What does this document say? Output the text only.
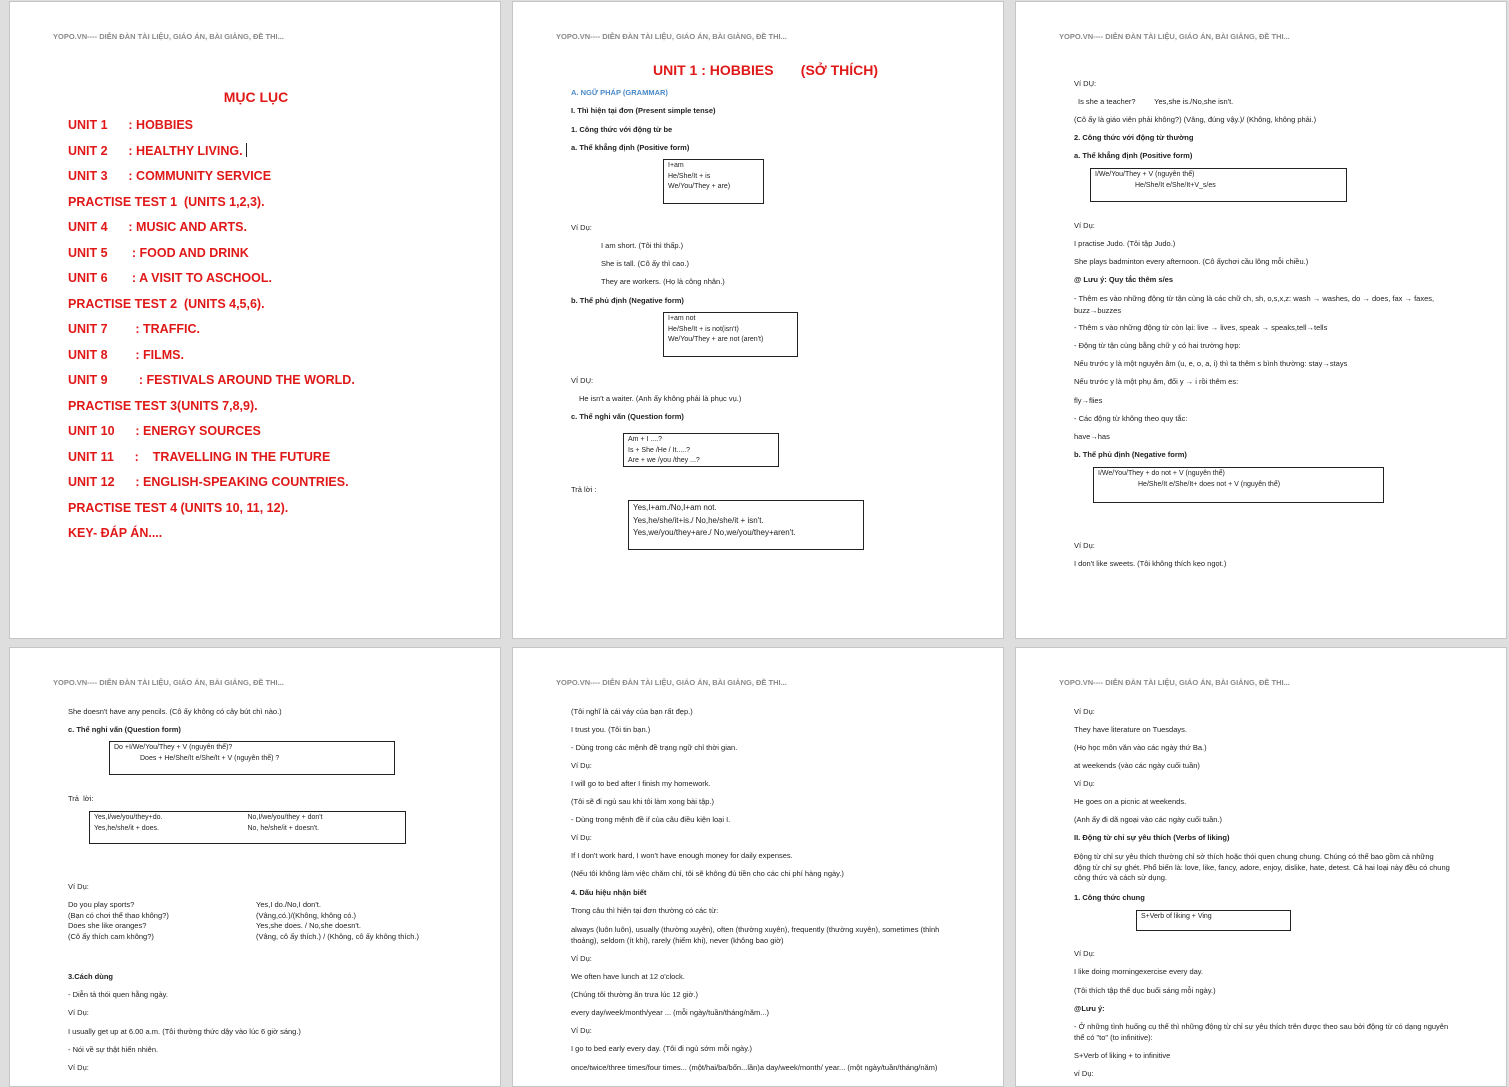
YOPO.VN---- DIỄN ĐÀN TÀI LIỆU, GIÁO ÁN, BÀI GIẢNG, ĐỀ THI...
MỤC LỤC
UNIT 1      : HOBBIES
UNIT 2      : HEALTHY LIVING.
UNIT 3      : COMMUNITY SERVICE
PRACTISE TEST 1  (UNITS 1,2,3).
UNIT 4      : MUSIC AND ARTS.
UNIT 5       : FOOD AND DRINK
UNIT 6       : A VISIT TO ASCHOOL.
PRACTISE TEST 2  (UNITS 4,5,6).
UNIT 7        : TRAFFIC.
UNIT 8        : FILMS.
UNIT 9         : FESTIVALS AROUND THE WORLD.
PRACTISE TEST 3(UNITS 7,8,9).
UNIT 10      : ENERGY SOURCES
UNIT 11      :    TRAVELLING IN THE FUTURE
UNIT 12      : ENGLISH-SPEAKING COUNTRIES.
PRACTISE TEST 4 (UNITS 10, 11, 12).
KEY- ĐÁP ÁN....
YOPO.VN---- DIỄN ĐÀN TÀI LIỆU, GIÁO ÁN, BÀI GIẢNG, ĐỀ THI...
UNIT 1 : HOBBIES       (SỞ THÍCH)
A. NGỮ PHÁP (GRAMMAR)
I. Thì hiện tại đơn (Present simple tense)
1. Công thức với động từ be
a. Thể khẳng định (Positive form)
I+am
He/She/It + is
We/You/They + are)
Ví Dụ:
I am short. (Tôi thì thấp.)
She is tall. (Cô ấy thì cao.)
They are workers. (Họ là công nhân.)
b. Thể phủ định (Negative form)
I+am not
He/She/It + is not(isn't)
We/You/They + are not (aren't)
VÍ DỤ:
He isn't a waiter. (Anh ấy không phải là phục vụ.)
c. Thể nghi vấn (Question form)
Am + I ....?
Is + She /He / It.....?
Are + we /you /they ...?
Trả lời :
Yes,I+am./No,I+am not.
Yes,he/she/it+is./ No,he/she/it + isn't.
Yes,we/you/they+are./ No,we/you/they+aren't.
YOPO.VN---- DIỄN ĐÀN TÀI LIỆU, GIÁO ÁN, BÀI GIẢNG, ĐỀ THI...
Ví DỤ:
Is she a teacher?         Yes,she is./No,she isn't.
(Cô ấy là giáo viên phải không?) (Vâng, đúng vậy.)/ (Không, không phải.)
2. Công thức với động từ thường
a. Thể khẳng định (Positive form)
I/We/You/They + V (nguyên thể)
He/She/It e/She/It+V_s/es
Ví Dụ:
I practise Judo. (Tôi tập Judo.)
She plays badminton every afternoon. (Cô ấychơi cầu lông mỗi chiều.)
@ Lưu ý: Quy tắc thêm s/es
- Thêm es vào những động từ tận cùng là các chữ ch, sh, o,s,x,z: wash → washes, do → does, fax → faxes, buzz→buzzes
- Thêm s vào những động từ còn lại: live → lives, speak → speaks,tell→tells
- Động từ tận cùng bằng chữ y có hai trường hợp:
Nếu trước y là một nguyên âm (u, e, o, a, i) thì ta thêm s bình thường: stay→stays
Nếu trước y là một phụ âm, đổi y → i rồi thêm es:
fly→flies
- Các động từ không theo quy tắc:
have→has
b. Thể phủ định (Negative form)
I/We/You/They + do not + V (nguyên thể)
He/She/It e/She/It+ does not + V (nguyên thể)
Ví Dụ:
I don't like sweets. (Tôi không thích kẹo ngọt.)
YOPO.VN---- DIỄN ĐÀN TÀI LIỆU, GIÁO ÁN, BÀI GIẢNG, ĐỀ THI...
She doesn't have any pencils. (Cô ấy không có cây bút chì nào.)
c. Thể nghi vấn (Question form)
Do +I/We/You/They + V (nguyên thể)?
Does + He/She/It e/She/It + V (nguyên thể) ?
Trả  lời:
Yes,I/we/you/they+do.
Yes,he/she/it + does.
No,I/we/you/they + don't
No, he/she/it + doesn't.
Ví Dụ:
Do you play sports?
(Bạn có chơi thể thao không?)
Does she like oranges?
(Cô ấy thích cam không?)
Yes,I do./No,I don't.
(Vâng,có.)/(Không, không có.)
Yes,she does. / No,she doesn't.
(Vâng, cô ấy thích.) / (Không, cô ấy không thích.)
3.Cách dùng
- Diễn tả thói quen hằng ngày.
Ví Dụ:
I usually get up at 6.00 a.m. (Tôi thường thức dậy vào lúc 6 giờ sáng.)
- Nói về sự thật hiển nhiên.
Ví Dụ:
YOPO.VN---- DIỄN ĐÀN TÀI LIỆU, GIÁO ÁN, BÀI GIẢNG, ĐỀ THI...
(Tôi nghĩ là cái váy của bạn rất đẹp.)
I trust you. (Tôi tin bạn.)
- Dùng trong các mệnh đề trạng ngữ chỉ thời gian.
Ví Dụ:
I will go to bed after I finish my homework.
(Tôi sẽ đi ngủ sau khi tôi làm xong bài tập.)
- Dùng trong mệnh đề if của câu điều kiện loại I.
Ví Dụ:
If I don't work hard, I won't have enough money for daily expenses.
(Nếu tôi không làm việc chăm chỉ, tôi sẽ không đủ tiền cho các chi phí hàng ngày.)
4. Dấu hiệu nhận biết
Trong câu thì hiện tại đơn thường có các từ:
always (luôn luôn), usually (thường xuyên), often (thường xuyên), frequently (thường xuyên), sometimes (thỉnh thoảng), seldom (ít khi), rarely (hiếm khi), never (không bao giờ)
Ví Dụ:
We often have lunch at 12 o'clock.
(Chúng tôi thường ăn trưa lúc 12 giờ.)
every day/week/month/year ... (mỗi ngày/tuần/tháng/năm...)
Ví Dụ:
I go to bed early every day. (Tôi đi ngủ sớm mỗi ngày.)
once/twice/three times/four times... (một/hai/ba/bốn...lần)a day/week/month/ year... (một ngày/tuần/tháng/năm)
YOPO.VN---- DIỄN ĐÀN TÀI LIỆU, GIÁO ÁN, BÀI GIẢNG, ĐỀ THI...
Ví Dụ:
They have literature on Tuesdays.
(Họ học môn văn vào các ngày thứ Ba.)
at weekends (vào các ngày cuối tuần)
Ví Dụ:
He goes on a picnic at weekends.
(Anh ấy đi dã ngoại vào các ngày cuối tuần.)
II. Động từ chỉ sự yêu thích (Verbs of liking)
Động từ chỉ sự yêu thích thường chỉ sở thích hoặc thói quen chung chung. Chúng có thể bao gồm cả những động từ chỉ sự ghét. Phổ biến là: love, like, fancy, adore, enjoy, dislike, hate, detest. Cả hai loại này đều có chung công thức và cách sử dụng.
1. Công thức chung
S+Verb of liking + Ving
Ví Dụ:
I like doing morningexercise every day.
(Tôi thích tập thể dục buổi sáng mỗi ngày.)
@Lưu ý:
- Ở những tình huống cụ thể thì những động từ chỉ sự yêu thích trên được theo sau bởi động từ có dạng nguyên thể có "to" (to infinitive):
S+Verb of liking + to infinitive
ví Dụ:
